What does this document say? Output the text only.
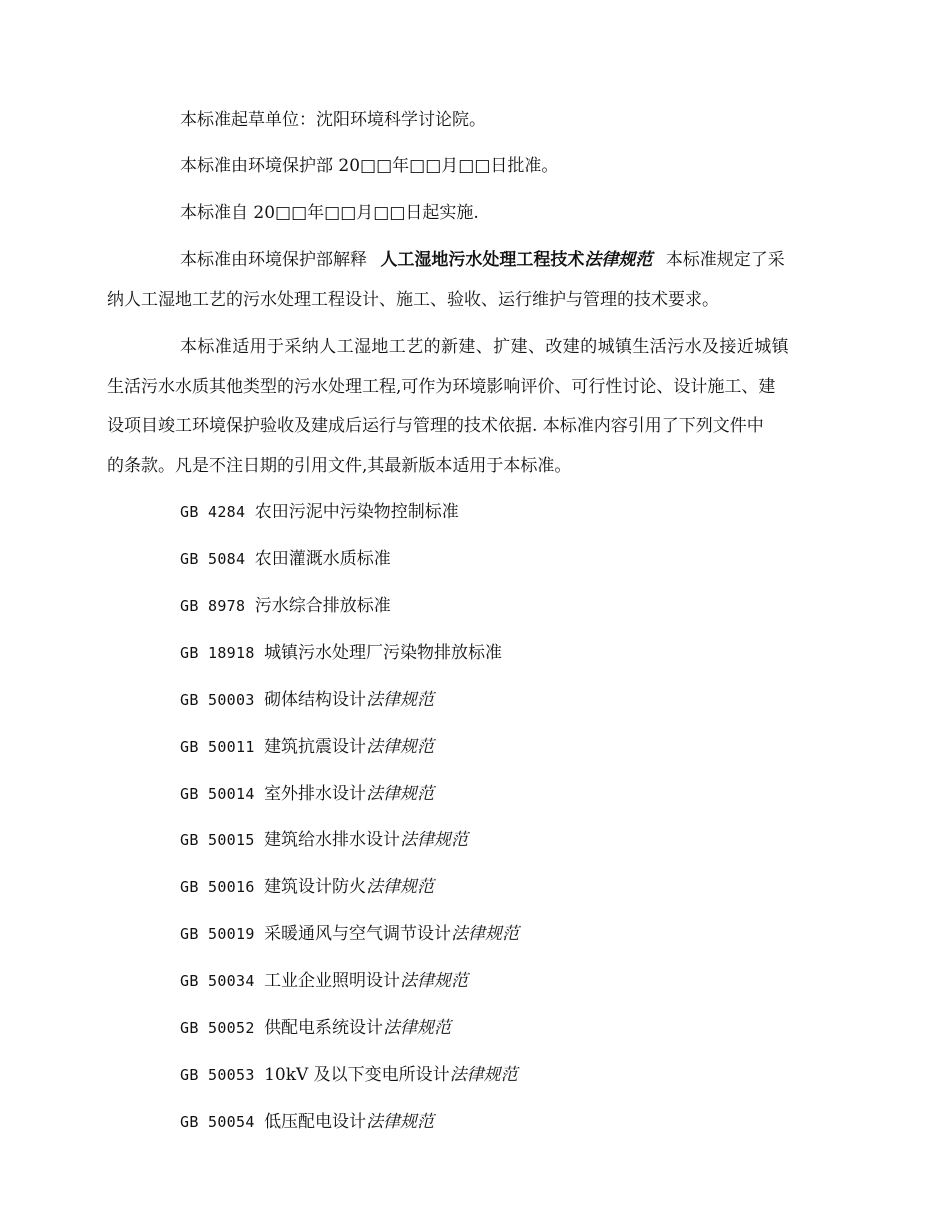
本标准起草单位：沈阳环境科学讨论院。
本标准由环境保护部 20□□年□□月□□日批准。
本标准自 20□□年□□月□□日起实施.
本标准由环境保护部解释 人工湿地污水处理工程技术法律规范 本标准规定了采
纳人工湿地工艺的污水处理工程设计、施工、验收、运行维护与管理的技术要求。
本标准适用于采纳人工湿地工艺的新建、扩建、改建的城镇生活污水及接近城镇
生活污水水质其他类型的污水处理工程,可作为环境影响评价、可行性讨论、设计施工、建
设项目竣工环境保护验收及建成后运行与管理的技术依据. 本标准内容引用了下列文件中
的条款。凡是不注日期的引用文件,其最新版本适用于本标准。
GB 4284 农田污泥中污染物控制标准
GB 5084 农田灌溉水质标准
GB 8978 污水综合排放标准
GB 18918 城镇污水处理厂污染物排放标准
GB 50003 砌体结构设计法律规范
GB 50011 建筑抗震设计法律规范
GB 50014 室外排水设计法律规范
GB 50015 建筑给水排水设计法律规范
GB 50016 建筑设计防火法律规范
GB 50019 采暖通风与空气调节设计法律规范
GB 50034 工业企业照明设计法律规范
GB 50052 供配电系统设计法律规范
GB 50053 10kV 及以下变电所设计法律规范
GB 50054 低压配电设计法律规范
